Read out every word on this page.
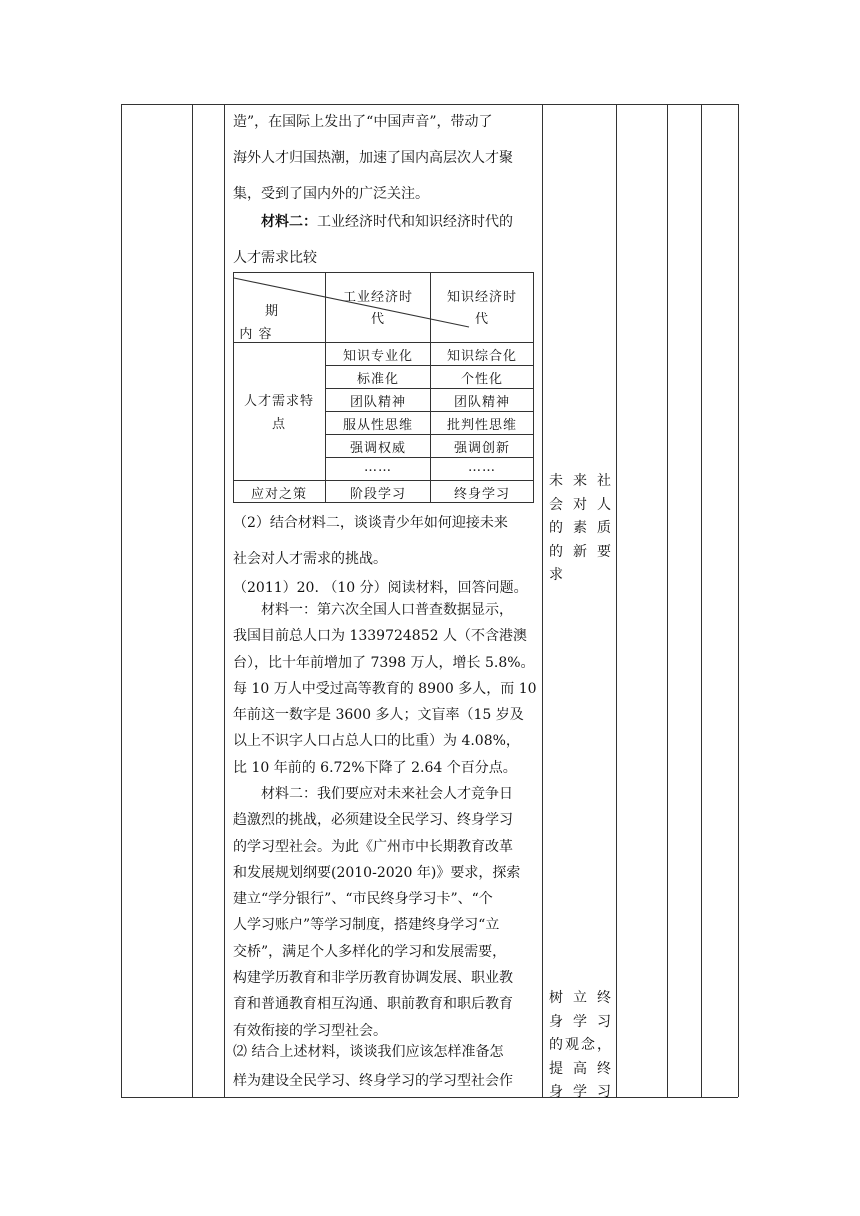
造”，在国际上发出了“中国声音”，带动了

海外人才归国热潮，加速了国内高层次人才聚

集，受到了国内外的广泛关注。

材料二：工业经济时代和知识经济时代的

人才需求比较

期
内 容
工业经济时
代
知识经济时
代
人才需求特
点
知识专业化
标准化
团队精神
服从性思维
强调权威
……
知识综合化
个性化
团队精神
批判性思维
强调创新
……
应对之策	阶段学习	终身学习

（2）结合材料二，谈谈青少年如何迎接未来

社会对人才需求的挑战。

（2011）20. （10 分）阅读材料，回答问题。

材料一：第六次全国人口普查数据显示，

我国目前总人口为 1339724852 人（不含港澳

台），比十年前增加了 7398 万人，增长 5.8%。

每 10 万人中受过高等教育的 8900 多人，而 10

年前这一数字是 3600 多人；文盲率（15 岁及

以上不识字人口占总人口的比重）为 4.08%，

比 10 年前的 6.72%下降了 2.64 个百分点。

材料二：我们要应对未来社会人才竞争日

趋激烈的挑战，必须建设全民学习、终身学习

的学习型社会。为此《广州市中长期教育改革

和发展规划纲要(2010-2020 年)》要求，探索

建立“学分银行”、“市民终身学习卡”、“个

人学习账户”等学习制度，搭建终身学习“立

交桥”，满足个人多样化的学习和发展需要，

构建学历教育和非学历教育协调发展、职业教

育和普通教育相互沟通、职前教育和职后教育

有效衔接的学习型社会。

⑵ 结合上述材料，谈谈我们应该怎样准备怎

样为建设全民学习、终身学习的学习型社会作

未来社
会对人
的素质
的新要
求
树立终
身学习
的观念，
提高终
身学习
